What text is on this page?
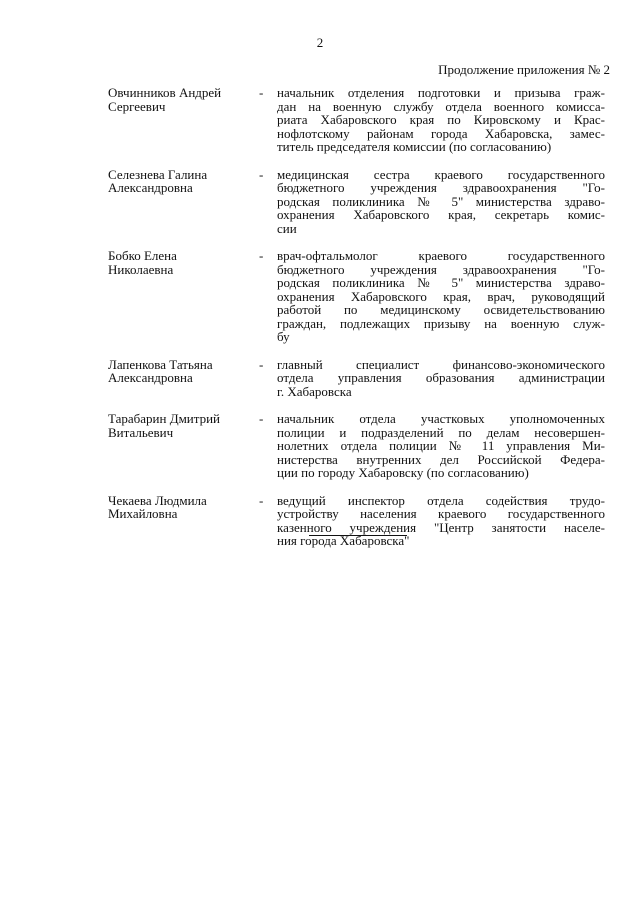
2
Продолжение приложения № 2
Овчинников Андрей
Сергеевич
-	начальник отделения подготовки и призыва граж-
дан на военную службу отдела военного комисса-
риата Хабаровского края по Кировскому и Крас-
нофлотскому районам города Хабаровска, замес-
титель председателя комиссии (по согласованию)
Селезнева Галина
Александровна
-	медицинская сестра краевого государственного
бюджетного учреждения здравоохранения "Го-
родская поликлиника № 5" министерства здраво-
охранения Хабаровского края, секретарь комис-
сии
Бобко Елена
Николаевна
-	врач-офтальмолог краевого государственного
бюджетного учреждения здравоохранения "Го-
родская поликлиника № 5" министерства здраво-
охранения Хабаровского края, врач, руководящий
работой по медицинскому освидетельствованию
граждан, подлежащих призыву на военную служ-
бу
Лапенкова Татьяна
Александровна
-	главный специалист финансово-экономического
отдела управления образования администрации
г. Хабаровска
Тарабарин Дмитрий
Витальевич
-	начальник отдела участковых уполномоченных
полиции и подразделений по делам несовершен-
нолетних отдела полиции № 11 управления Ми-
нистерства внутренних дел Российской Федера-
ции по городу Хабаровску (по согласованию)
Чекаева Людмила
Михайловна
-	ведущий инспектор отдела содействия трудо-
устройству населения краевого государственного
казенного учреждения "Центр занятости населе-
ния города Хабаровска"
